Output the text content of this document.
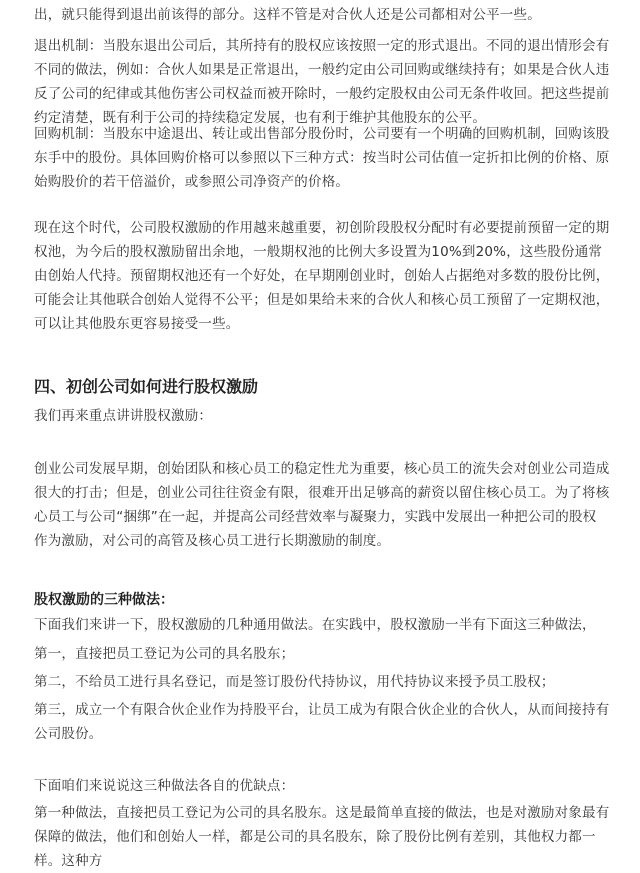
出，就只能得到退出前该得的部分。这样不管是对合伙人还是公司都相对公平一些。

退出机制：当股东退出公司后，其所持有的股权应该按照一定的形式退出。不同的退出情形会有不同的做法，例如：合伙人如果是正常退出，一般约定由公司回购或继续持有；如果是合伙人违反了公司的纪律或其他伤害公司权益而被开除时，一般约定股权由公司无条件收回。把这些提前约定清楚，既有利于公司的持续稳定发展，也有利于维护其他股东的公平。

回购机制：当股东中途退出、转让或出售部分股份时，公司要有一个明确的回购机制，回购该股东手中的股份。具体回购价格可以参照以下三种方式：按当时公司估值一定折扣比例的价格、原始购股价的若干倍溢价，或参照公司净资产的价格。

现在这个时代，公司股权激励的作用越来越重要，初创阶段股权分配时有必要提前预留一定的期权池，为今后的股权激励留出余地，一般期权池的比例大多设置为10%到20%，这些股份通常由创始人代持。预留期权池还有一个好处，在早期刚创业时，创始人占据绝对多数的股份比例，可能会让其他联合创始人觉得不公平；但是如果给未来的合伙人和核心员工预留了一定期权池，可以让其他股东更容易接受一些。

四、初创公司如何进行股权激励

我们再来重点讲讲股权激励：

创业公司发展早期，创始团队和核心员工的稳定性尤为重要，核心员工的流失会对创业公司造成很大的打击；但是，创业公司往往资金有限，很难开出足够高的薪资以留住核心员工。为了将核心员工与公司“捆绑”在一起，并提高公司经营效率与凝聚力，实践中发展出一种把公司的股权作为激励，对公司的高管及核心员工进行长期激励的制度。

股权激励的三种做法：

下面我们来讲一下，股权激励的几种通用做法。在实践中，股权激励一半有下面这三种做法，

第一，直接把员工登记为公司的具名股东；

第二，不给员工进行具名登记，而是签订股份代持协议，用代持协议来授予员工股权；

第三，成立一个有限合伙企业作为持股平台，让员工成为有限合伙企业的合伙人，从而间接持有公司股份。

下面咱们来说说这三种做法各自的优缺点：

第一种做法，直接把员工登记为公司的具名股东。这是最简单直接的做法，也是对激励对象最有保障的做法，他们和创始人一样，都是公司的具名股东，除了股份比例有差别，其他权力都一样。这种方
